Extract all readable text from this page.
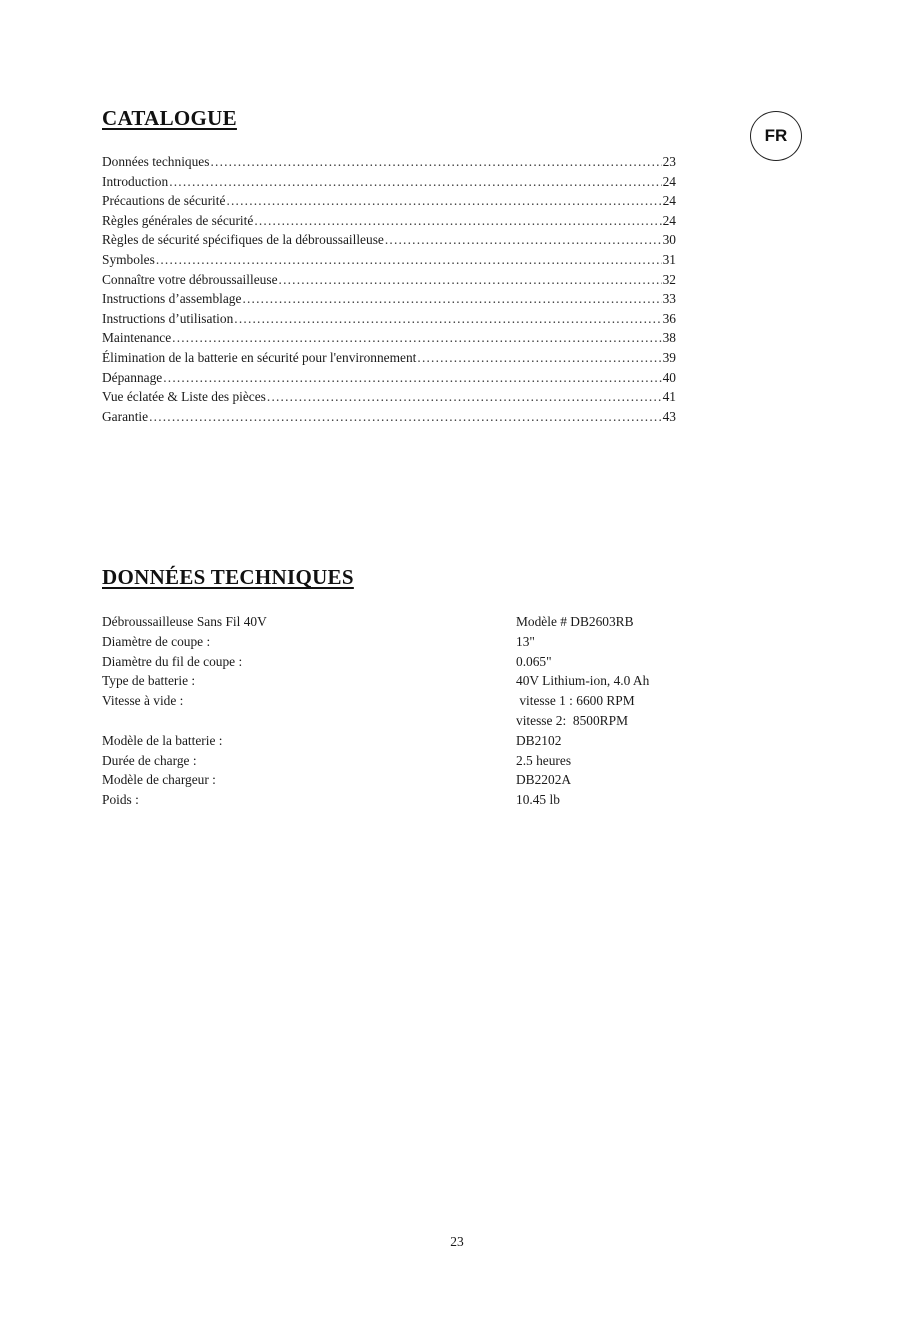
CATALOGUE
FR
Données techniques .....	23
Introduction .....	24
Précautions de sécurité .....	24
Règles générales de sécurité .....	24
Règles de sécurité spécifiques de la débroussailleuse .....	30
Symboles .....	31
Connaître votre débroussailleuse .....	32
Instructions d’assemblage .....	33
Instructions d’utilisation .....	36
Maintenance .....	38
Élimination de la batterie en sécurité pour l'environnement .....	39
Dépannage .....	40
Vue éclatée & Liste des pièces .....	41
Garantie .....	43
DONNÉES TECHNIQUES
Débroussailleuse Sans Fil 40V	Modèle # DB2603RB
Diamètre de coupe :	13"
Diamètre du fil de coupe :	0.065"
Type de batterie :	40V Lithium-ion, 4.0 Ah
Vitesse à vide :	vitesse 1 : 6600 RPM
vitesse 2:  8500RPM
Modèle de la batterie :	DB2102
Durée de charge :	2.5 heures
Modèle de chargeur :	DB2202A
Poids :	10.45 lb
23
